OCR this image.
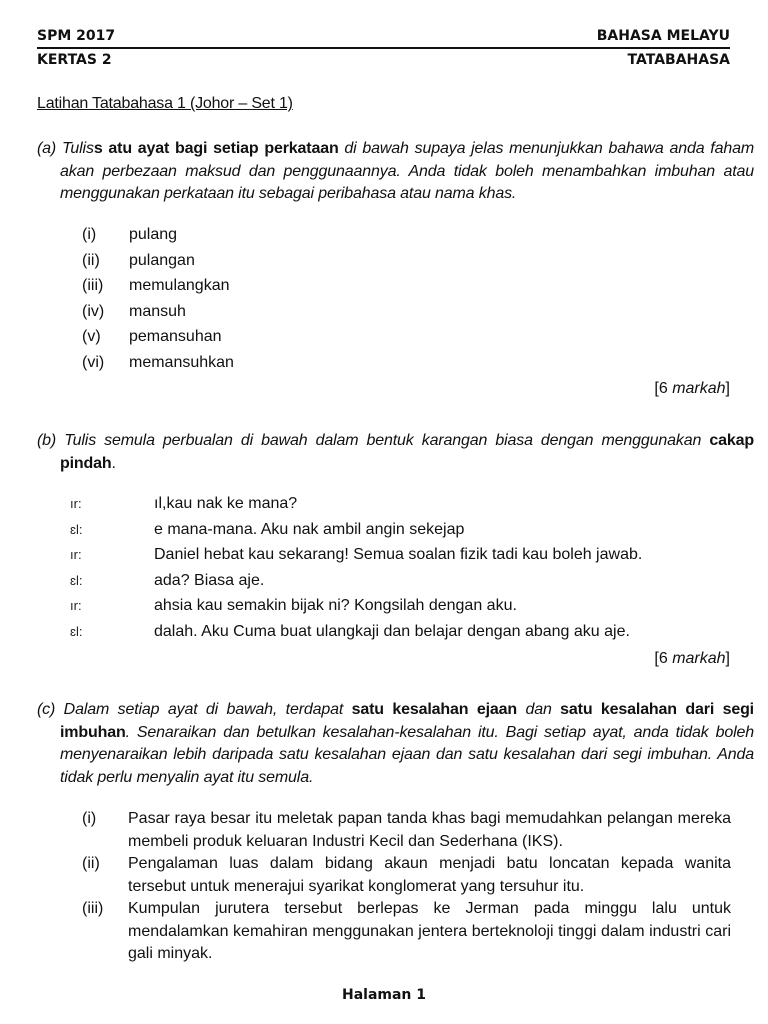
SPM 2017	BAHASA MELAYU
KERTAS 2	TATABAHASA
Latihan Tatabahasa 1 (Johor – Set 1)
(a) Tuliss atu ayat bagi setiap perkataan di bawah supaya jelas menunjukkan bahawa anda faham akan perbezaan maksud dan penggunaannya. Anda tidak boleh menambahkan imbuhan atau menggunakan perkataan itu sebagai peribahasa atau nama khas.
(i)	pulang
(ii)	pulangan
(iii)	memulangkan
(iv)	mansuh
(v)	pemansuhan
(vi)	memansuhkan
[6 markah]
(b) Tulis semula perbualan di bawah dalam bentuk karangan biasa dengan menggunakan cakap pindah.
ır:	ıl,kau nak ke mana?
ɛl:	e mana-mana. Aku nak ambil angin sekejap
ır:	Daniel hebat kau sekarang! Semua soalan fizik tadi kau boleh jawab.
ɛl:	ada? Biasa aje.
ır:	ahsia kau semakin bijak ni? Kongsilah dengan aku.
ɛl:	dalah. Aku Cuma buat ulangkaji dan belajar dengan abang aku aje.
[6 markah]
(c) Dalam setiap ayat di bawah, terdapat satu kesalahan ejaan dan satu kesalahan dari segi imbuhan. Senaraikan dan betulkan kesalahan-kesalahan itu. Bagi setiap ayat, anda tidak boleh menyenaraikan lebih daripada satu kesalahan ejaan dan satu kesalahan dari segi imbuhan. Anda tidak perlu menyalin ayat itu semula.
(i)	Pasar raya besar itu meletak papan tanda khas bagi memudahkan pelangan mereka membeli produk keluaran Industri Kecil dan Sederhana (IKS).
(ii)	Pengalaman luas dalam bidang akaun menjadi batu loncatan kepada wanita tersebut untuk menerajui syarikat konglomerat yang tersuhur itu.
(iii)	Kumpulan jurutera tersebut berlepas ke Jerman pada minggu lalu untuk mendalamkan kemahiran menggunakan jentera berteknoloji tinggi dalam industri cari gali minyak.
Halaman 1
